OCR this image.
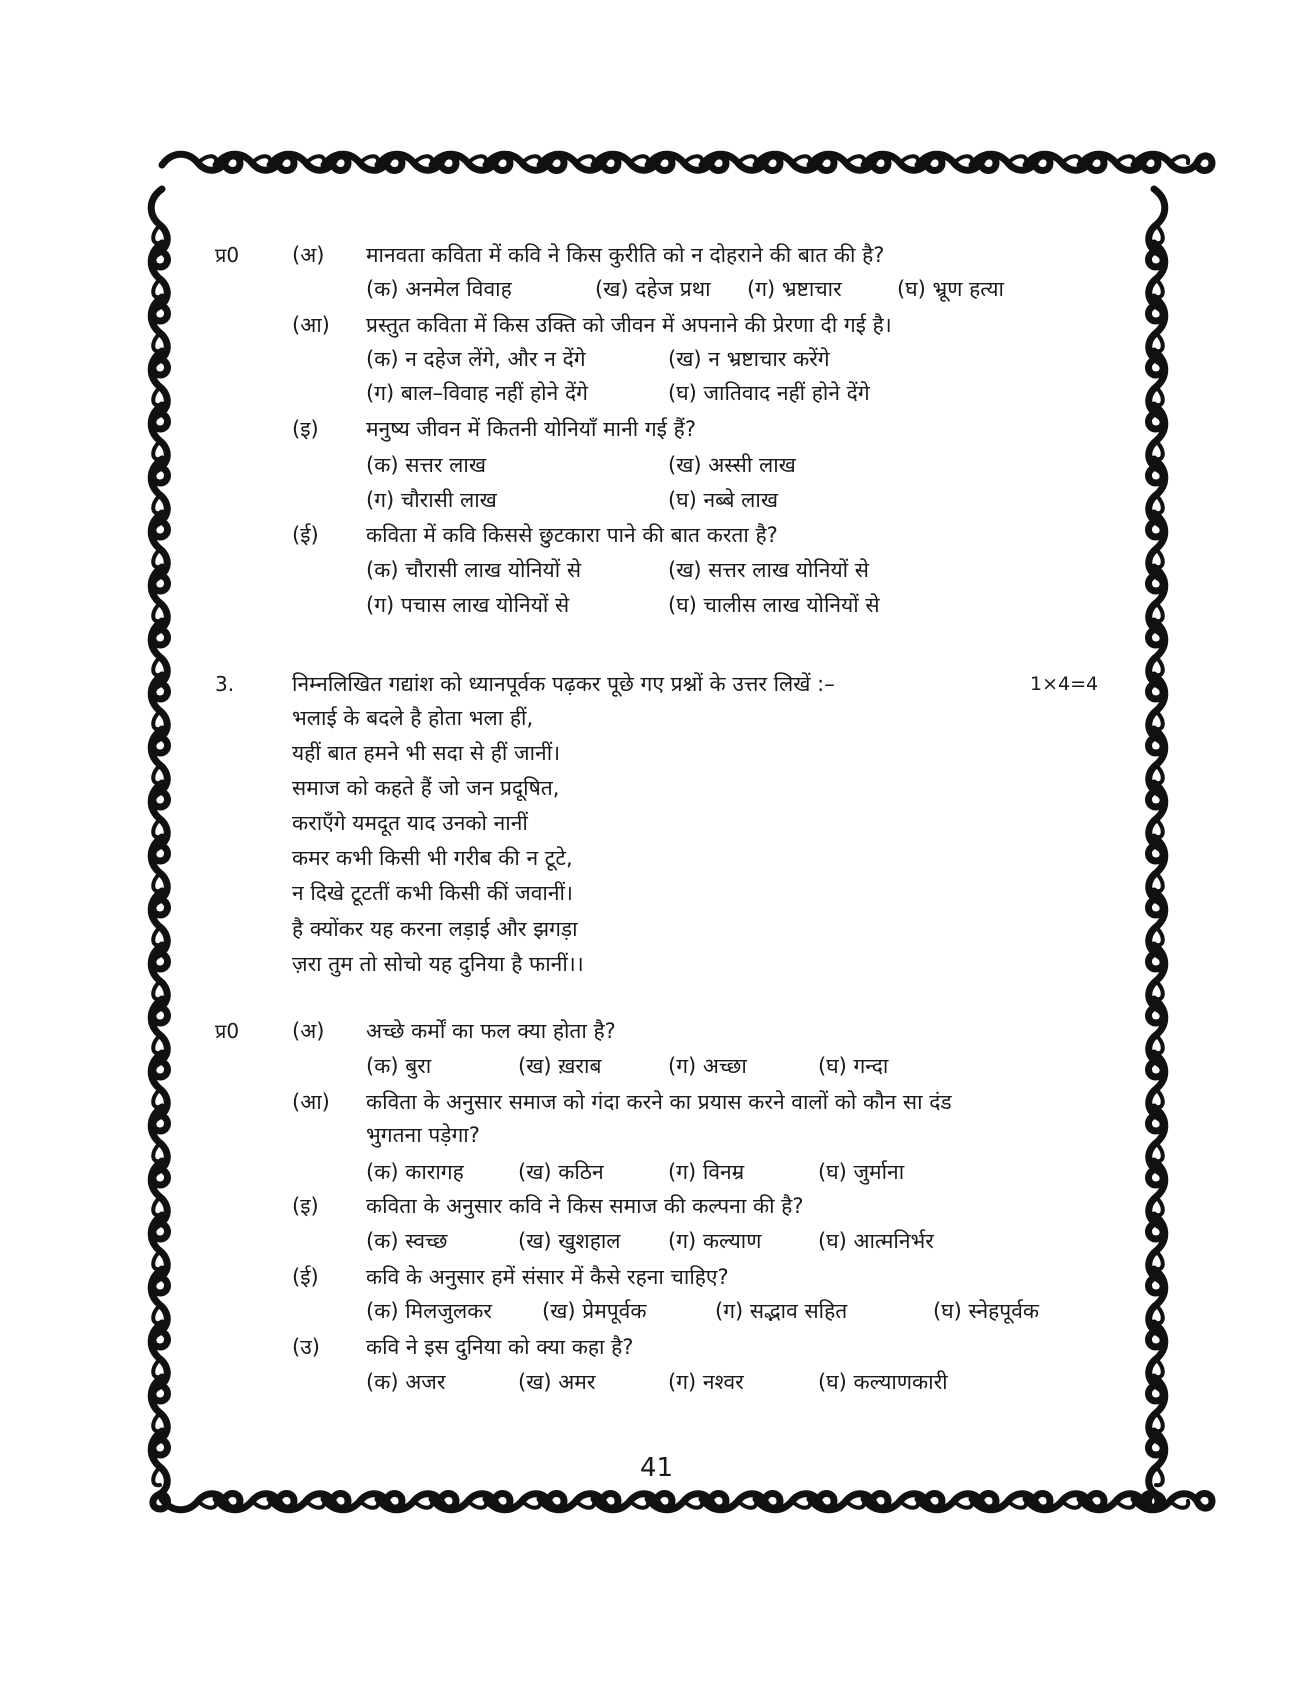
प्र0	(अ) मानवता कविता में कवि ने किस कुरीति को न दोहराने की बात की है?
(क) अनमेल विवाह	(ख) दहेज प्रथा (ग) भ्रष्टाचार	(घ) भ्रूण हत्या
(आ) प्रस्तुत कविता में किस उक्ति को जीवन में अपनाने की प्रेरणा दी गई है।
(क) न दहेज लेंगे, और न देंगे	(ख) न भ्रष्टाचार करेंगे
(ग) बाल–विवाह नहीं होने देंगे	(घ) जातिवाद नहीं होने देंगे
(इ) मनुष्य जीवन में कितनी योनियाँ मानी गई हैं?
(क) सत्तर लाख	(ख) अस्सी लाख
(ग) चौरासी लाख	(घ) नब्बे लाख
(ई) कविता में कवि किससे छुटकारा पाने की बात करता है?
(क) चौरासी लाख योनियों से	(ख) सत्तर लाख योनियों से
(ग) पचास लाख योनियों से	(घ) चालीस लाख योनियों से
3.	निम्नलिखित गद्यांश को ध्यानपूर्वक पढ़कर पूछे गए प्रश्नों के उत्तर लिखें :–	1×4=4
भलाई के बदले है होता भला हीं,
यहीं बात हमने भी सदा से हीं जानीं।
समाज को कहते हैं जो जन प्रदूषित,
कराएँगे यमदूत याद उनको नानीं
कमर कभी किसी भी गरीब की न टूटे,
न दिखे टूटतीं कभी किसी कीं जवानीं।
है क्योंकर यह करना लड़ाई और झगड़ा
ज़रा तुम तो सोचो यह दुनिया है फानीं।।
प्र0	(अ) अच्छे कर्मों का फल क्या होता है?
(क) बुरा	(ख) ख़राब	(ग) अच्छा	(घ) गन्दा
(आ) कविता के अनुसार समाज को गंदा करने का प्रयास करने वालों को कौन सा दंड
भुगतना पड़ेगा?
(क) कारागह	(ख) कठिन	(ग) विनम्र	(घ) जुर्माना
(इ) कविता के अनुसार कवि ने किस समाज की कल्पना की है?
(क) स्वच्छ	(ख) खुशहाल (ग) कल्याण	(घ) आत्मनिर्भर
(ई) कवि के अनुसार हमें संसार में कैसे रहना चाहिए?
(क) मिलजुलकर (ख) प्रेमपूर्वक	(ग) सद्भाव सहित	(घ) स्नेहपूर्वक
(उ) कवि ने इस दुनिया को क्या कहा है?
(क) अजर	(ख) अमर	(ग) नश्वर	(घ) कल्याणकारी
41
